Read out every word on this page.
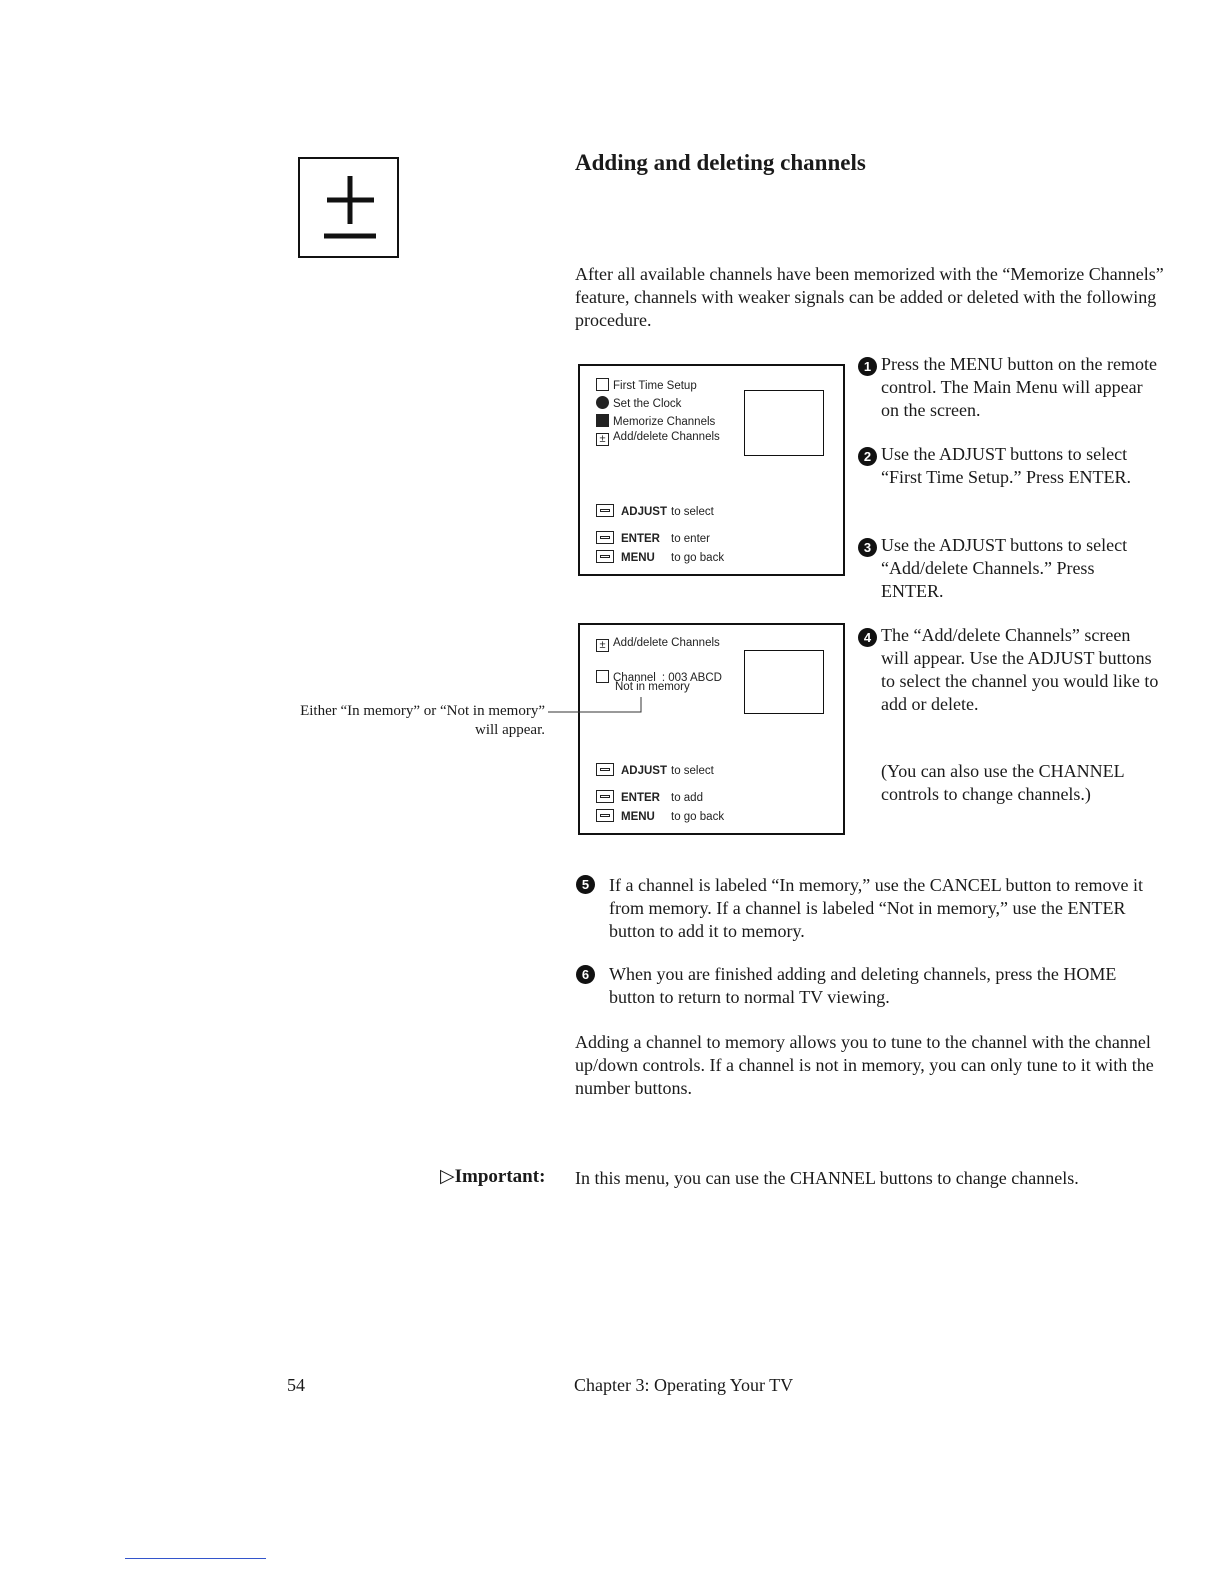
Adding and deleting channels
After all available channels have been memorized with the “Memorize Channels” feature, channels with weaker signals can be added or deleted with the following procedure.
First Time Setup
Set the Clock
Memorize Channels
± Add/delete Channels
ADJUST to select
ENTER to enter
MENU to go back
± Add/delete Channels
Channel : 003 ABCD
Not in memory
ADJUST to select
ENTER to add
MENU to go back
Either “In memory” or “Not in memory” will appear.
1 Press the MENU button on the remote control. The Main Menu will appear on the screen.
2 Use the ADJUST buttons to select “First Time Setup.” Press ENTER.
3 Use the ADJUST buttons to select “Add/delete Channels.” Press ENTER.
4 The “Add/delete Channels” screen will appear. Use the ADJUST buttons to select the channel you would like to add or delete.
(You can also use the CHANNEL controls to change channels.)
5	If a channel is labeled “In memory,” use the CANCEL button to remove it from memory. If a channel is labeled “Not in memory,” use the ENTER button to add it to memory.
6	When you are finished adding and deleting channels, press the HOME button to return to normal TV viewing.
Adding a channel to memory allows you to tune to the channel with the channel up/down controls. If a channel is not in memory, you can only tune to it with the number buttons.
▷Important:	In this menu, you can use the CHANNEL buttons to change channels.
54	Chapter 3: Operating Your TV
